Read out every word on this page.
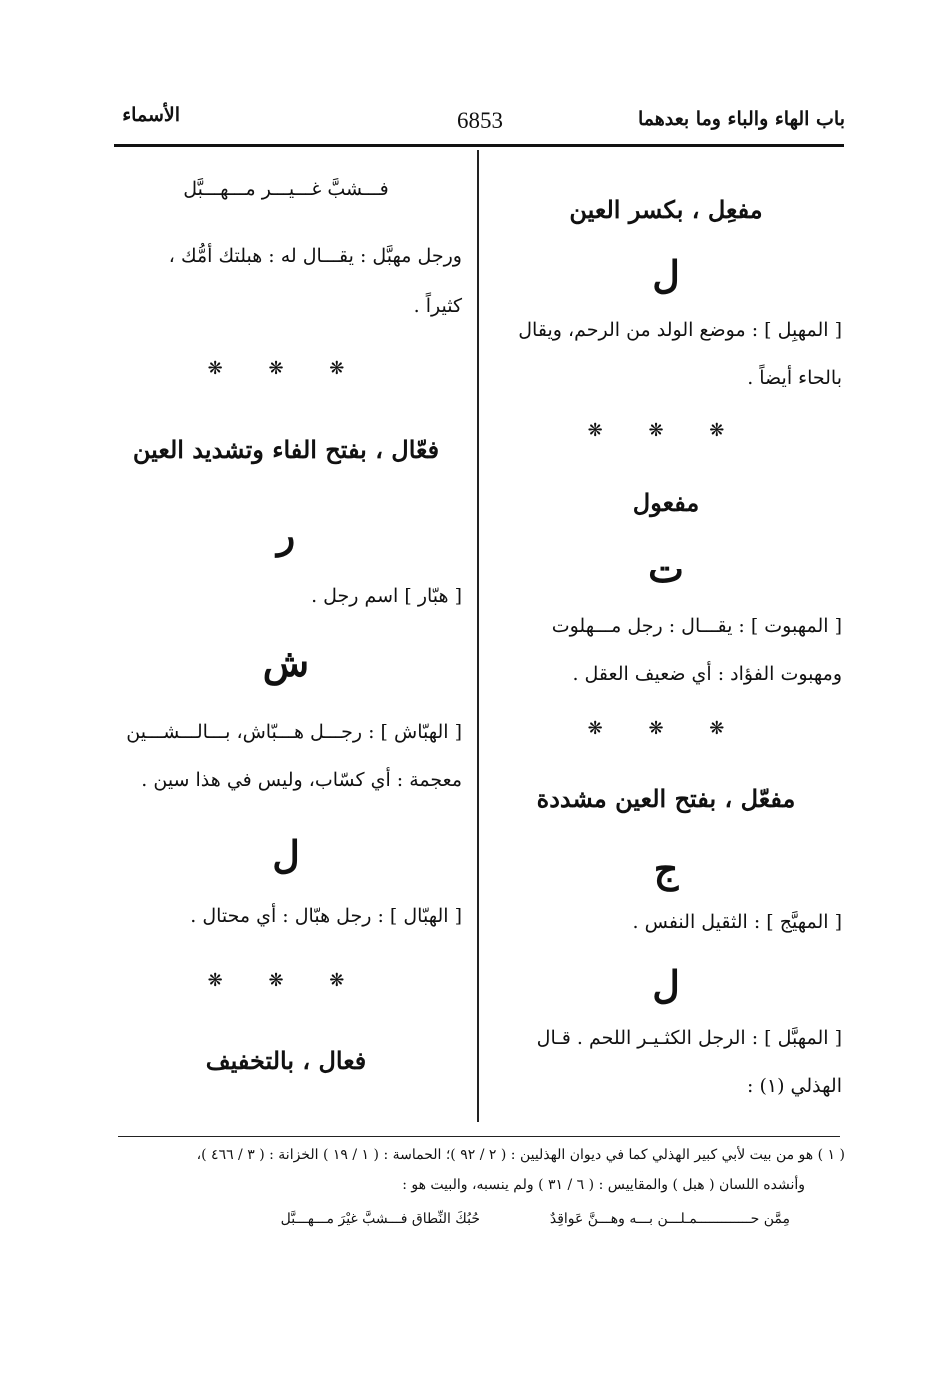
باب الهاء والباء وما بعدهما
6853
الأسماء
مفعِل ، بكسر العين
ل
[ المهبِل ] : موضع الولد من الرحم، ويقال
بالحاء أيضاً .
❋ ❋ ❋
مفعول
ت
[ المهبوت ] : يقـــال : رجل مـــهلوت
ومهبوت الفؤاد : أي ضعيف العقل .
❋ ❋ ❋
مفعّل ، بفتح العين مشددة
ج
[ المهيَّج ] : الثقيل النفس .
ل
[ المهبَّل ] : الرجل الكثـيـر اللحم . قـال
الهذلي (١) :
فـــشبَّ غـــيـــر مـــهـــبَّل
ورجل مهبَّل : يقـــال له : هبلتك أمُّك ،
كثيراً .
❋ ❋ ❋
فعّال ، بفتح الفاء وتشديد العين
ر
[ هبّار ] اسم رجل .
ش
[ الهبّاش ] : رجـــل هـــبّاش، بـــالـــشـــين
معجمة : أي كسّاب، وليس في هذا سين .
ل
[ الهبّال ] : رجل هبّال : أي محتال .
❋ ❋ ❋
فعال ، بالتخفيف
( ١ ) هو من بيت لأبي كبير الهذلي كما في ديوان الهذليين : ( ٢ / ٩٢ )؛ الحماسة : ( ١ / ١٩ ) الخزانة : ( ٣ / ٤٦٦ )،
وأنشده اللسان ( هبل ) والمقاييس : ( ٦ / ٣١ ) ولم ينسبه، والبيت هو :
مِمَّن حـــــــــــــمـلـــن بـــه وهـــنَّ عَواقِدٌ
حُبُكَ النِّطاق فـــشبَّ غيْرَ مـــهـــبَّل
